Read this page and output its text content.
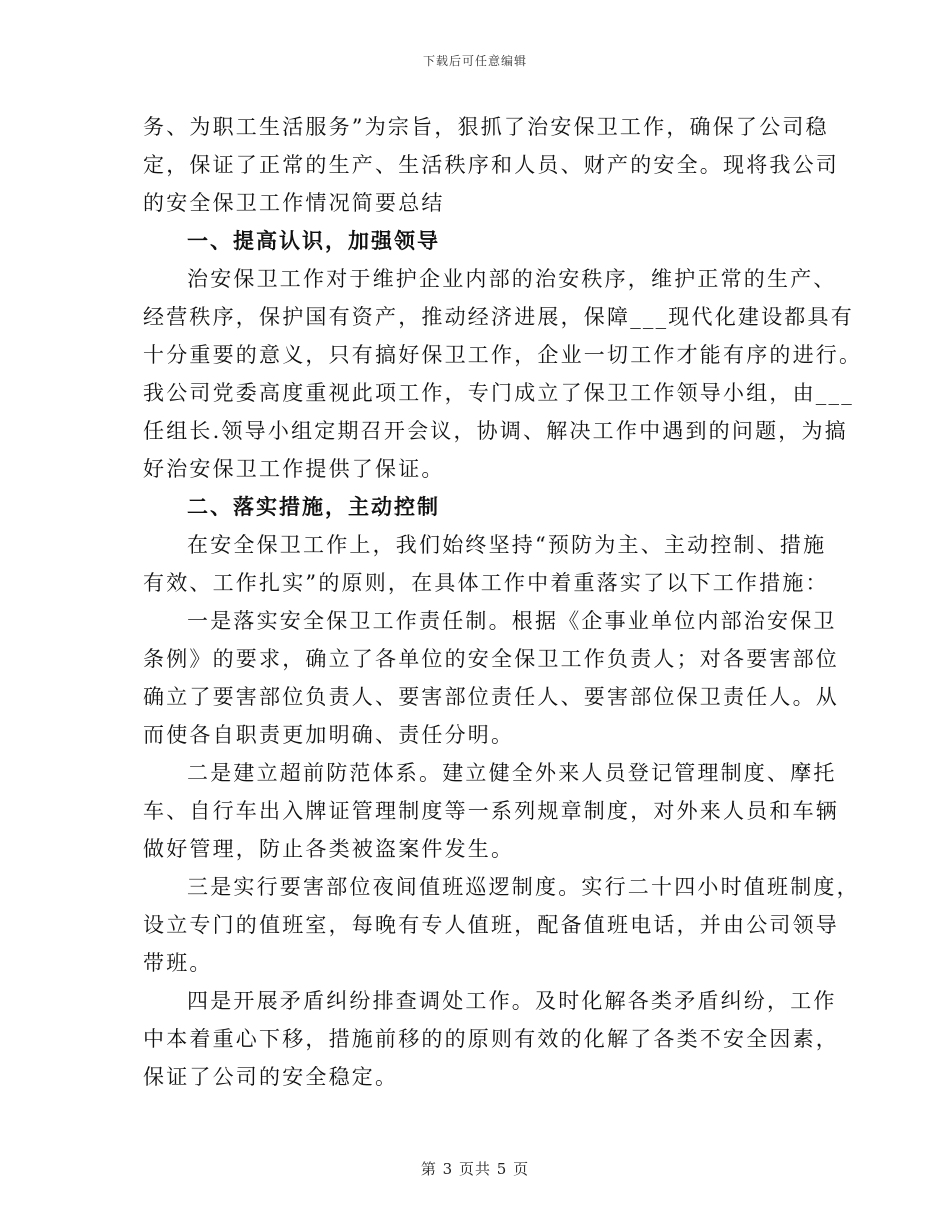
下载后可任意编辑
务、为职工生活服务”为宗旨，狠抓了治安保卫工作，确保了公司稳
定，保证了正常的生产、生活秩序和人员、财产的安全。现将我公司
的安全保卫工作情况简要总结
一、提高认识，加强领导
治安保卫工作对于维护企业内部的治安秩序，维护正常的生产、
经营秩序，保护国有资产，推动经济进展，保障___现代化建设都具有
十分重要的意义，只有搞好保卫工作，企业一切工作才能有序的进行。
我公司党委高度重视此项工作，专门成立了保卫工作领导小组，由___
任组长.领导小组定期召开会议，协调、解决工作中遇到的问题，为搞
好治安保卫工作提供了保证。
二、落实措施，主动控制
在安全保卫工作上，我们始终坚持“预防为主、主动控制、措施
有效、工作扎实”的原则，在具体工作中着重落实了以下工作措施：
一是落实安全保卫工作责任制。根据《企事业单位内部治安保卫
条例》的要求，确立了各单位的安全保卫工作负责人；对各要害部位
确立了要害部位负责人、要害部位责任人、要害部位保卫责任人。从
而使各自职责更加明确、责任分明。
二是建立超前防范体系。建立健全外来人员登记管理制度、摩托
车、自行车出入牌证管理制度等一系列规章制度，对外来人员和车辆
做好管理，防止各类被盗案件发生。
三是实行要害部位夜间值班巡逻制度。实行二十四小时值班制度，
设立专门的值班室，每晚有专人值班，配备值班电话，并由公司领导
带班。
四是开展矛盾纠纷排查调处工作。及时化解各类矛盾纠纷，工作
中本着重心下移，措施前移的的原则有效的化解了各类不安全因素，
保证了公司的安全稳定。
第 3 页共 5 页
